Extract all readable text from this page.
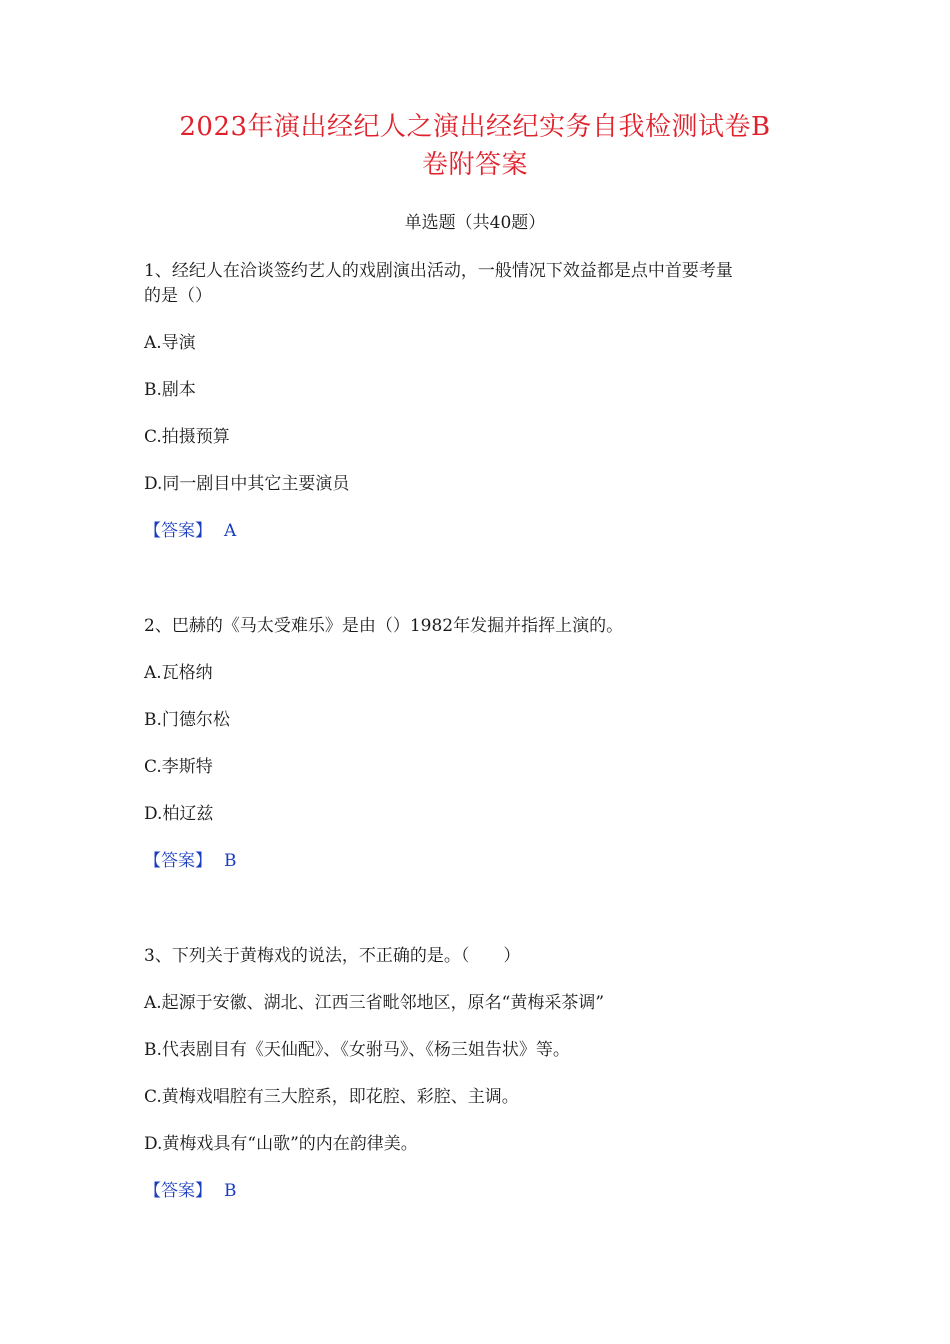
2023年演出经纪人之演出经纪实务自我检测试卷B
卷附答案
单选题（共40题）
1、经纪人在洽谈签约艺人的戏剧演出活动，一般情况下效益都是点中首要考量
的是（）
A.导演
B.剧本
C.拍摄预算
D.同一剧目中其它主要演员
【答案】 A
2、巴赫的《马太受难乐》是由（）1982年发掘并指挥上演的。
A.瓦格纳
B.门德尔松
C.李斯特
D.柏辽兹
【答案】 B
3、下列关于黄梅戏的说法，不正确的是。（　　）
A.起源于安徽、湖北、江西三省毗邻地区，原名“黄梅采茶调”
B.代表剧目有《天仙配》、《女驸马》、《杨三姐告状》等。
C.黄梅戏唱腔有三大腔系，即花腔、彩腔、主调。
D.黄梅戏具有“山歌”的内在韵律美。
【答案】 B
